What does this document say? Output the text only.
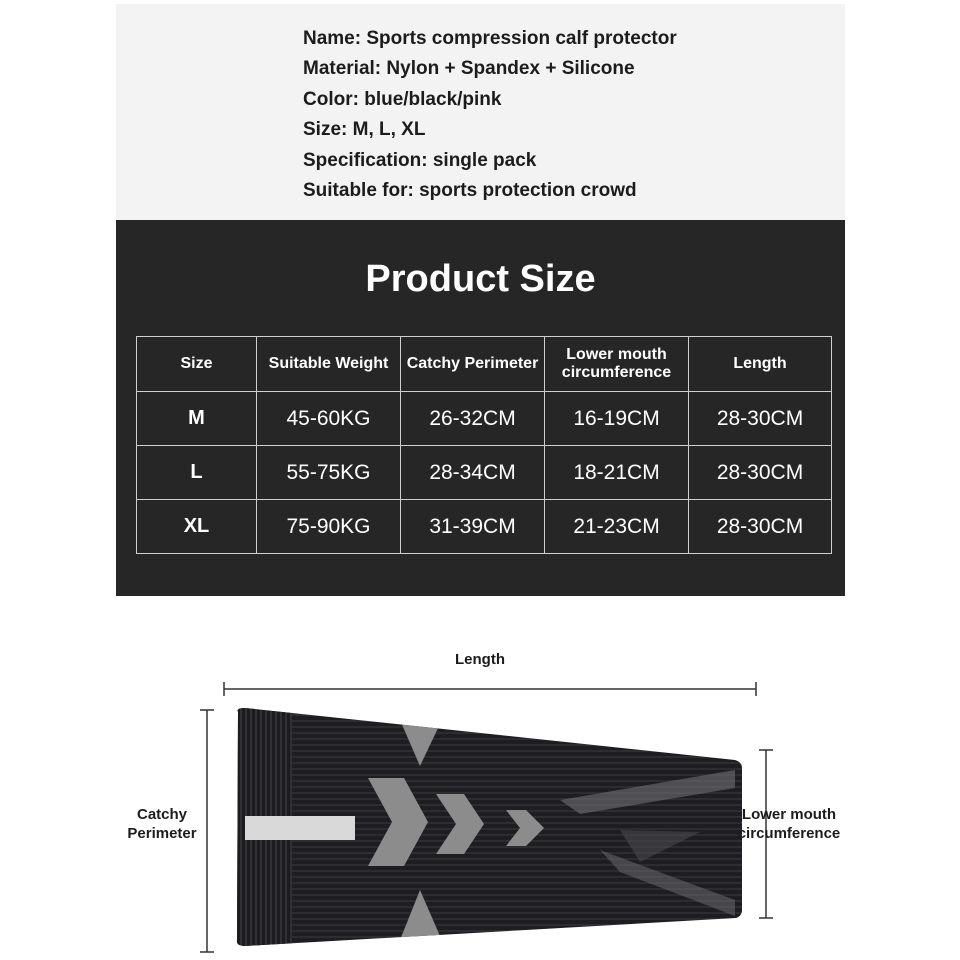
Name: Sports compression calf protector
Material: Nylon + Spandex + Silicone
Color: blue/black/pink
Size: M, L, XL
Specification: single pack
Suitable for: sports protection crowd
Product Size
Size	Suitable Weight	Catchy Perimeter	Lower mouth circumference	Length
M	45-60KG	26-32CM	16-19CM	28-30CM
L	55-75KG	28-34CM	18-21CM	28-30CM
XL	75-90KG	31-39CM	21-23CM	28-30CM

Length

Catchy Perimeter

Lower mouth circumference
